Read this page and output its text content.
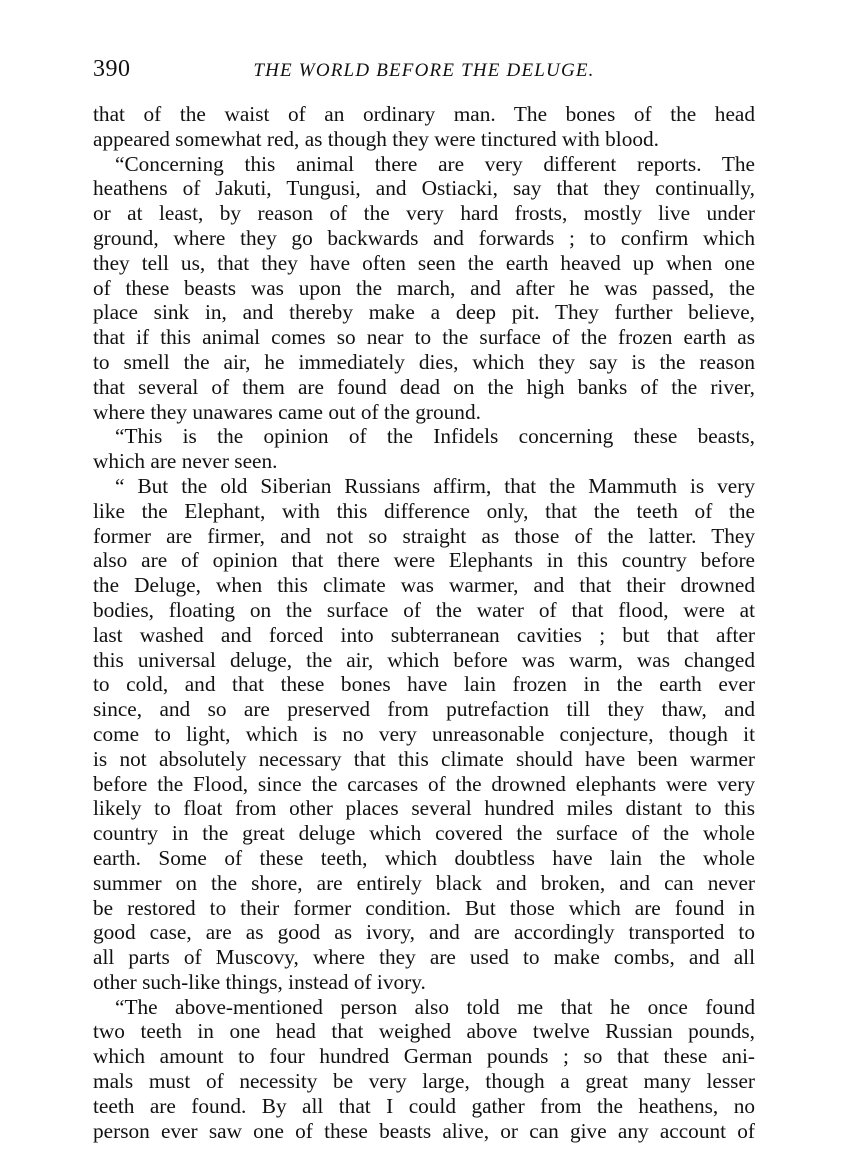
390	THE WORLD BEFORE THE DELUGE.
that of the waist of an ordinary man. The bones of the head
appeared somewhat red, as though they were tinctured with blood.
“Concerning this animal there are very different reports. The
heathens of Jakuti, Tungusi, and Ostiacki, say that they continually,
or at least, by reason of the very hard frosts, mostly live under
ground, where they go backwards and forwards ; to confirm which
they tell us, that they have often seen the earth heaved up when one
of these beasts was upon the march, and after he was passed, the
place sink in, and thereby make a deep pit. They further believe,
that if this animal comes so near to the surface of the frozen earth as
to smell the air, he immediately dies, which they say is the reason
that several of them are found dead on the high banks of the river,
where they unawares came out of the ground.
“This is the opinion of the Infidels concerning these beasts,
which are never seen.
“ But the old Siberian Russians affirm, that the Mammuth is very
like the Elephant, with this difference only, that the teeth of the
former are firmer, and not so straight as those of the latter. They
also are of opinion that there were Elephants in this country before
the Deluge, when this climate was warmer, and that their drowned
bodies, floating on the surface of the water of that flood, were at
last washed and forced into subterranean cavities ; but that after
this universal deluge, the air, which before was warm, was changed
to cold, and that these bones have lain frozen in the earth ever
since, and so are preserved from putrefaction till they thaw, and
come to light, which is no very unreasonable conjecture, though it
is not absolutely necessary that this climate should have been warmer
before the Flood, since the carcases of the drowned elephants were very
likely to float from other places several hundred miles distant to this
country in the great deluge which covered the surface of the whole
earth. Some of these teeth, which doubtless have lain the whole
summer on the shore, are entirely black and broken, and can never
be restored to their former condition. But those which are found in
good case, are as good as ivory, and are accordingly transported to
all parts of Muscovy, where they are used to make combs, and all
other such-like things, instead of ivory.
“The above-mentioned person also told me that he once found
two teeth in one head that weighed above twelve Russian pounds,
which amount to four hundred German pounds ; so that these ani-
mals must of necessity be very large, though a great many lesser
teeth are found. By all that I could gather from the heathens, no
person ever saw one of these beasts alive, or can give any account of
